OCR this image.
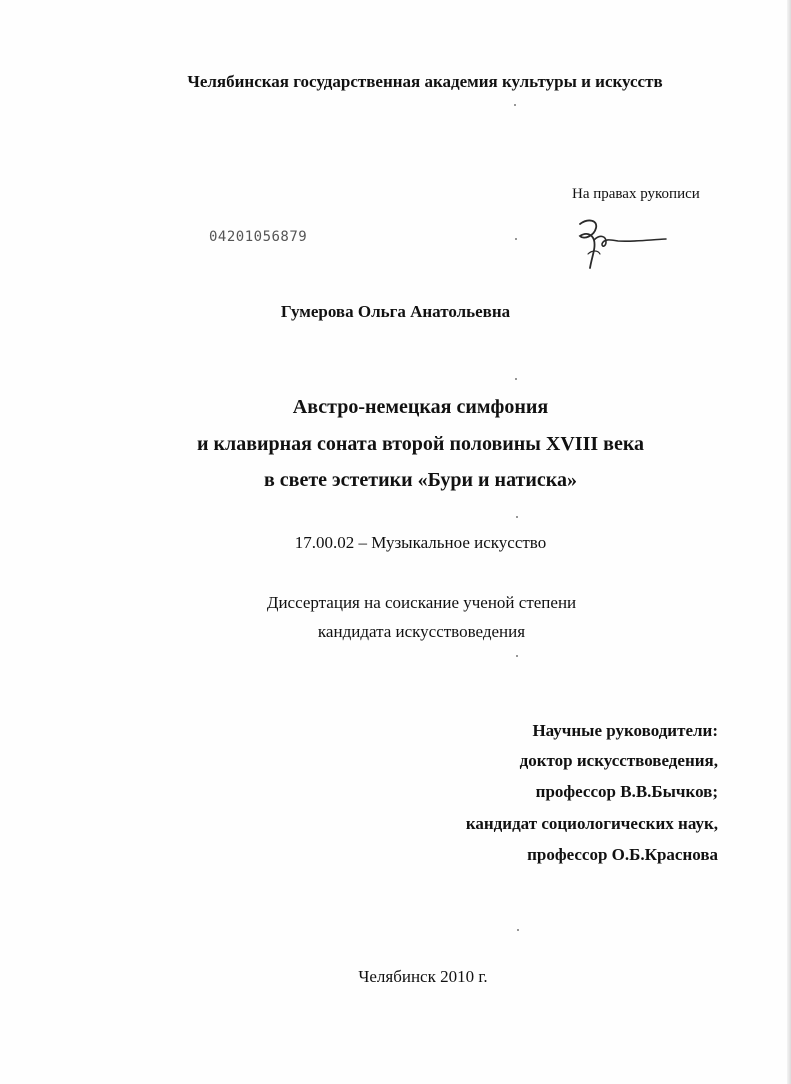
Челябинская государственная академия культуры и искусств
На правах рукописи
04201056879
Гумерова Ольга Анатольевна
Австро-немецкая симфония
и клавирная соната второй половины XVIII века
в свете эстетики «Бури и натиска»
17.00.02 – Музыкальное искусство
Диссертация на соискание ученой степени
кандидата искусствоведения
Научные руководители:
доктор искусствоведения,
профессор В.В.Бычков;
кандидат социологических наук,
профессор О.Б.Краснова
Челябинск 2010 г.
